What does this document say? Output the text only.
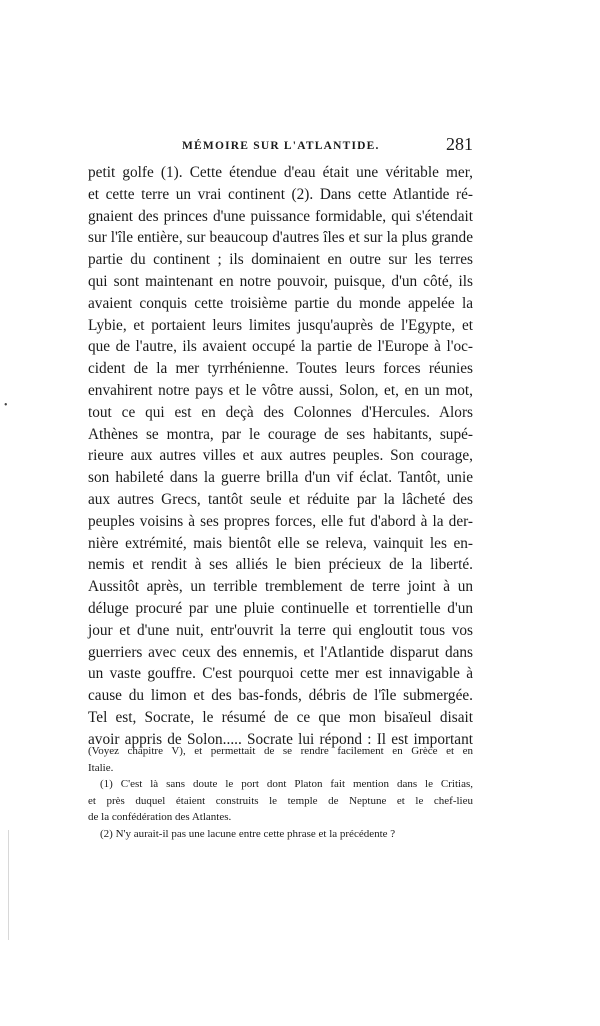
•
MÉMOIRE SUR L'ATLANTIDE.	281
petit golfe (1). Cette étendue d'eau était une véritable mer,
et cette terre un vrai continent (2). Dans cette Atlantide ré-
gnaient des princes d'une puissance formidable, qui s'étendait
sur l'île entière, sur beaucoup d'autres îles et sur la plus grande
partie du continent ; ils dominaient en outre sur les terres
qui sont maintenant en notre pouvoir, puisque, d'un côté, ils
avaient conquis cette troisième partie du monde appelée la
Lybie, et portaient leurs limites jusqu'auprès de l'Egypte, et
que de l'autre, ils avaient occupé la partie de l'Europe à l'oc-
cident de la mer tyrrhénienne. Toutes leurs forces réunies
envahirent notre pays et le vôtre aussi, Solon, et, en un mot,
tout ce qui est en deçà des Colonnes d'Hercules. Alors
Athènes se montra, par le courage de ses habitants, supé-
rieure aux autres villes et aux autres peuples. Son courage,
son habileté dans la guerre brilla d'un vif éclat. Tantôt, unie
aux autres Grecs, tantôt seule et réduite par la lâcheté des
peuples voisins à ses propres forces, elle fut d'abord à la der-
nière extrémité, mais bientôt elle se releva, vainquit les en-
nemis et rendit à ses alliés le bien précieux de la liberté.
Aussitôt après, un terrible tremblement de terre joint à un
déluge procuré par une pluie continuelle et torrentielle d'un
jour et d'une nuit, entr'ouvrit la terre qui engloutit tous vos
guerriers avec ceux des ennemis, et l'Atlantide disparut dans
un vaste gouffre. C'est pourquoi cette mer est innavigable à
cause du limon et des bas-fonds, débris de l'île submergée.
Tel est, Socrate, le résumé de ce que mon bisaïeul disait
avoir appris de Solon..... Socrate lui répond : Il est important
(Voyez chapitre V), et permettait de se rendre facilement en Grèce et en
Italie.
(1) C'est là sans doute le port dont Platon fait mention dans le Critias,
et près duquel étaient construits le temple de Neptune et le chef-lieu
de la confédération des Atlantes.
(2) N'y aurait-il pas une lacune entre cette phrase et la précédente ?
